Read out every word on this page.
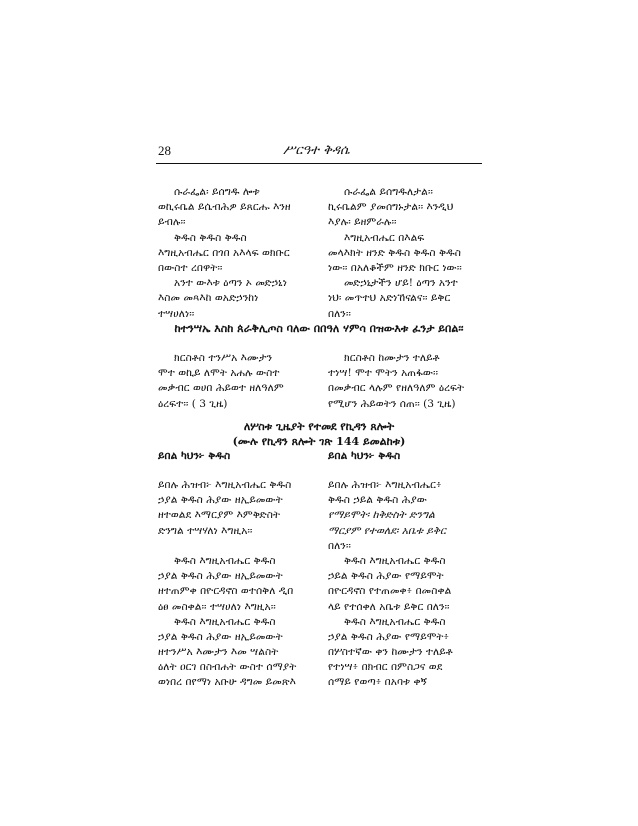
28	ሥርዓተ ቅዳሴ
ሱራፌል፡ ይሰግዱ ሎቱ
ወኪሩቤል ይሴብሕዎ ይጸርሑ እንዘ
ይብሉ፡፡
ቅዱስ ቅዱስ ቅዱስ
እግዚአብሔር በጎበ አእላፍ ወክቡር
በውስተ ረበዋት፡፡
አንተ ውእቱ ዕጣን ኦ መድኃኒነ
እስመ መጻእከ ወአድኃንከነ
ተሣሀለነ፡፡
ሱራፌል ይሰግዱለታል፡፡
ኪሩቤልም ያመሰግኑታል፡፡ እንዲህ
እያሉ፡ ይዘምራሉ፡፡
እግዚአብሔር በእልፍ
መላእክት ዘንድ ቅዱስ ቅዱስ ቅዱስ
ነው፡፡ በአለቆችም ዘንድ ክቡር ነው፡፡
መድኃኒታችን ሆይ! ዕጣን አንተ
ነህ፡ መጥተህ አድነኸናልና፡፡ ይቅር
በለን፡፡
ከተንሣኤ እስከ ጰራቅሊጦስ ባለው በበዓለ ሃምሳ በዝውእቱ ፈንታ ይበል፡፡
ክርስቶስ ተንሥአ እሙታን
ሞተ ወኪይ ለሞት አሐሉ ውስተ
መቃብር ወሀበ ሕይወተ ዘለዓለም
ዕረፍተ፡፡ ( 3 ጊዜ)
ክርስቶስ ከሙታን ተለይቶ
ተነሣ! ሞተ ሞትን አጠፋው፡፡
በመቃብር ላሉም የዘለዓለም ዕረፍት
የሚሆን ሕይወትን ሰጠ፡፡ (3 ጊዜ)
ለሦስቱ ጊዜያት የተመደ የኪዳን ጸሎት
(ሙሉ የኪዳን ጸሎት ገጽ 144 ይመልከቱ)
ይበል ካህን፦ ቅዱስ	ይበል ካህን፦ ቅዱስ
ይበሉ ሕዝብ፦ እግዚአብሔር ቅዱስ
ኃያል ቅዱስ ሕያው ዘኢይመውት
ዘተወልደ እማርያም እምቅድስት
ድንግል ተሣሃለነ እግዚአ፡፡
ቅዱስ እግዚአብሔር ቅዱስ
ኃያል ቅዱስ ሕያው ዘኢይመውት
ዘተጠምቀ በዮርዳኖስ ወተሰቅለ ዲበ
ዕፀ መስቀል፡፡ ተሣሀለነ እግዚአ፡፡
ቅዱስ እግዚአብሔር ቅዱስ
ኃያል ቅዱስ ሕያው ዘኢይመውት
ዘተንሥአ እሙታን እመ ሣልስት
ዕለት ዐርገ በስብሐት ውስተ ሰማያት
ወነበረ በየማነ አቡሁ ዳግመ ይመጽእ
ይበሉ ሕዝብ፦ እግዚአብሔር፥
ቅዱስ ኃይል ቅዱስ ሕያው
የማይሞት፡ ከቅድስት ድንግል
ማርያም የተወለደ፡ አቤቱ ይቅር
በለን፡፡
ቅዱስ እግዚአብሔር ቅዱስ
ኃይል ቅዱስ ሕያው የማይሞት
በዮርዳኖስ የተጠመቀ፥ በመስቀል
ላይ የተሰቀለ አቤቱ ይቅር በለን፡፡
ቅዱስ እግዚአብሔር ቅዱስ
ኃያል ቅዱስ ሕያው የማይሞት፥
በሦስተኛው ቀን ከሙታን ተለይቶ
የተነሣ፥ በክብር በምስጋና ወደ
ሰማይ የወጣ፥ በአባቱ ቀኝ
